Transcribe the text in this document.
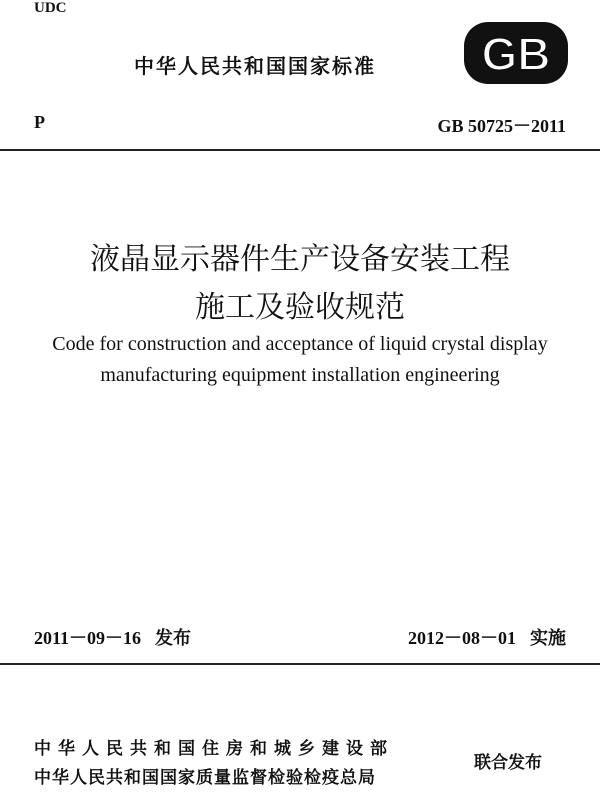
UDC
中华人民共和国国家标准 GB
P	GB 50725－2011
液晶显示器件生产设备安装工程
施工及验收规范
Code for construction and acceptance of liquid crystal display
manufacturing equipment installation engineering
2011－09－16 发布	2012－08－01 实施
中华人民共和国住房和城乡建设部
中华人民共和国国家质量监督检验检疫总局
联合发布
